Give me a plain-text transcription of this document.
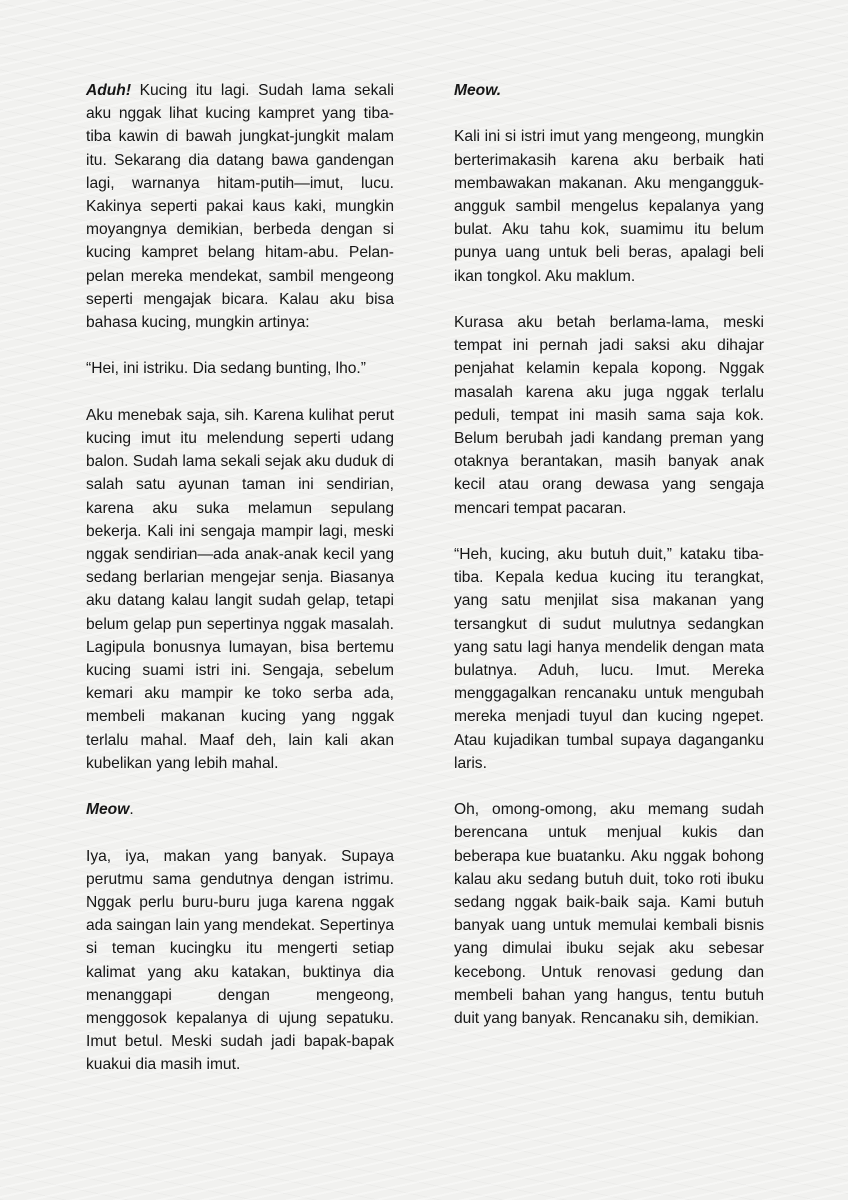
Aduh! Kucing itu lagi. Sudah lama sekali aku nggak lihat kucing kampret yang tiba-tiba kawin di bawah jungkat-jungkit malam itu. Sekarang dia datang bawa gandengan lagi, warnanya hitam-putih—imut, lucu. Kakinya seperti pakai kaus kaki, mungkin moyangnya demikian, berbeda dengan si kucing kampret belang hitam-abu. Pelan-pelan mereka mendekat, sambil mengeong seperti mengajak bicara. Kalau aku bisa bahasa kucing, mungkin artinya:

“Hei, ini istriku. Dia sedang bunting, lho.”

Aku menebak saja, sih. Karena kulihat perut kucing imut itu melendung seperti udang balon. Sudah lama sekali sejak aku duduk di salah satu ayunan taman ini sendirian, karena aku suka melamun sepulang bekerja. Kali ini sengaja mampir lagi, meski nggak sendirian—ada anak-anak kecil yang sedang berlarian mengejar senja. Biasanya aku datang kalau langit sudah gelap, tetapi belum gelap pun sepertinya nggak masalah. Lagipula bonusnya lumayan, bisa bertemu kucing suami istri ini. Sengaja, sebelum kemari aku mampir ke toko serba ada, membeli makanan kucing yang nggak terlalu mahal. Maaf deh, lain kali akan kubelikan yang lebih mahal.

Meow.

Iya, iya, makan yang banyak. Supaya perutmu sama gendutnya dengan istrimu. Nggak perlu buru-buru juga karena nggak ada saingan lain yang mendekat. Sepertinya si teman kucingku itu mengerti setiap kalimat yang aku katakan, buktinya dia menanggapi dengan mengeong, menggosok kepalanya di ujung sepatuku. Imut betul. Meski sudah jadi bapak-bapak kuakui dia masih imut.

Meow.

Kali ini si istri imut yang mengeong, mungkin berterimakasih karena aku berbaik hati membawakan makanan. Aku mengangguk-angguk sambil mengelus kepalanya yang bulat. Aku tahu kok, suamimu itu belum punya uang untuk beli beras, apalagi beli ikan tongkol. Aku maklum.

Kurasa aku betah berlama-lama, meski tempat ini pernah jadi saksi aku dihajar penjahat kelamin kepala kopong. Nggak masalah karena aku juga nggak terlalu peduli, tempat ini masih sama saja kok. Belum berubah jadi kandang preman yang otaknya berantakan, masih banyak anak kecil atau orang dewasa yang sengaja mencari tempat pacaran.

“Heh, kucing, aku butuh duit,” kataku tiba-tiba. Kepala kedua kucing itu terangkat, yang satu menjilat sisa makanan yang tersangkut di sudut mulutnya sedangkan yang satu lagi hanya mendelik dengan mata bulatnya. Aduh, lucu. Imut. Mereka menggagalkan rencanaku untuk mengubah mereka menjadi tuyul dan kucing ngepet. Atau kujadikan tumbal supaya daganganku laris.

Oh, omong-omong, aku memang sudah berencana untuk menjual kukis dan beberapa kue buatanku. Aku nggak bohong kalau aku sedang butuh duit, toko roti ibuku sedang nggak baik-baik saja. Kami butuh banyak uang untuk memulai kembali bisnis yang dimulai ibuku sejak aku sebesar kecebong. Untuk renovasi gedung dan membeli bahan yang hangus, tentu butuh duit yang banyak. Rencanaku sih, demikian.
